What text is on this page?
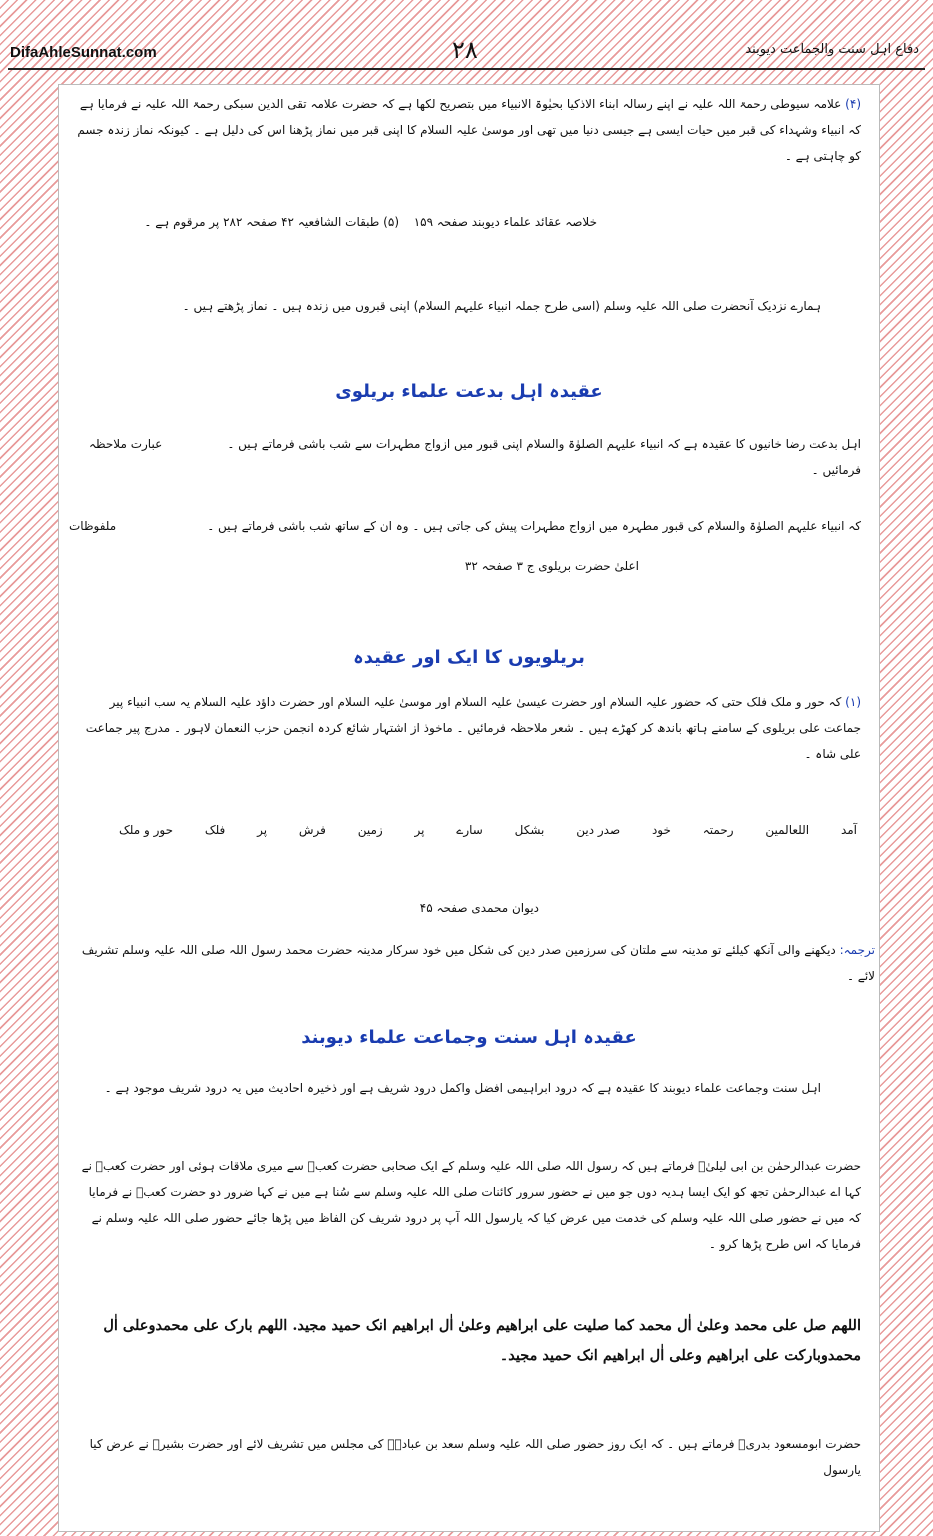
DifaAhleSunnat.com	۲۸	دفاع اہل سنت والجماعت دیوبند

(۴) علامہ سیوطی رحمۃ اللہ علیہ نے اپنے رسالہ ابناء الاذکیا بحیٰوۃ الانبیاء میں بتصریح لکھا ہے کہ حضرت علامہ تقی الدین سبکی رحمۃ اللہ علیہ نے فرمایا ہے کہ انبیاء وشہداء کی قبر میں حیات ایسی ہے جیسی دنیا میں تھی اور موسیٰ علیہ السلام کا اپنی قبر میں نماز پڑھنا اس کی دلیل ہے ۔ کیونکہ نماز زندہ جسم کو چاہتی ہے ۔

خلاصہ عقائد علماء دیوبند صفحہ ۱۵۹
(۵) طبقات الشافعیہ ۴۲ صفحہ ۲۸۲ پر مرقوم ہے ۔
ہمارے نزدیک آنحضرت صلی اللہ علیہ وسلم (اسی طرح جملہ انبیاء علیہم السلام) اپنی قبروں میں زندہ ہیں ۔ نماز پڑھتے ہیں ۔
عقیدہ اہل بدعت علماء بریلوی
عبارت ملاحظہ	اہل بدعت رضا خانیوں کا عقیدہ ہے کہ انبیاء علیہم الصلوٰۃ والسلام اپنی قبور میں ازواج مطہرات سے شب باشی فرماتے ہیں ۔

فرمائیں ۔

ملفوظات	کہ انبیاء علیہم الصلوٰۃ والسلام کی قبور مطہرہ میں ازواج مطہرات پیش کی جاتی ہیں ۔ وہ ان کے ساتھ شب باشی فرماتے ہیں ۔
اعلیٰ حضرت بریلوی ج ۳ صفحہ ۳۲
بریلویوں کا ایک اور عقیدہ

(۱) کہ حور و ملک فلک حتی کہ حضور علیہ السلام اور حضرت عیسیٰ علیہ السلام اور موسیٰ علیہ السلام اور حضرت داؤد علیہ السلام یہ سب انبیاء پیر جماعت علی بریلوی کے سامنے ہاتھ باندھ کر کھڑے ہیں ۔ شعر ملاحظہ فرمائیں ۔ ماخوذ از اشتہار شائع کردہ انجمن حزب النعمان لاہور ۔ مدرج پیر جماعت علی شاہ ۔

حور و ملک	فلک	پر	فرش	زمین	پر	سارے	بشکل	صدر دین	خود	رحمتہ	اللعالمین	آمد
دیوان محمدی صفحہ ۴۵
ترجمہ: دیکھنے والی آنکھ کیلئے تو مدینہ سے ملتان کی سرزمین صدر دین کی شکل میں خود سرکار مدینہ حضرت محمد رسول اللہ صلی اللہ علیہ وسلم تشریف لائے ۔
عقیدہ اہل سنت وجماعت علماء دیوبند
اہل سنت وجماعت علماء دیوبند کا عقیدہ ہے کہ درود ابراہیمی افضل واکمل درود شریف ہے اور ذخیرہ احادیث میں یہ درود شریف موجود ہے ۔
حضرت عبدالرحمٰن بن ابی لیلیٰؓ فرماتے ہیں کہ رسول اللہ صلی اللہ علیہ وسلم کے ایک صحابی حضرت کعبؓ سے میری ملاقات ہوئی اور حضرت کعبؓ نے کہا اے عبدالرحمٰن تجھ کو ایک ایسا ہدیہ دوں جو میں نے حضور سرور کائنات صلی اللہ علیہ وسلم سے سُنا ہے میں نے کہا ضرور دو حضرت کعبؓ نے فرمایا کہ میں نے حضور صلی اللہ علیہ وسلم کی خدمت میں عرض کیا کہ یارسول اللہ آپ پر درود شریف کن الفاظ میں پڑھا جائے حضور صلی اللہ علیہ وسلم نے فرمایا کہ اس طرح پڑھا کرو ۔
اللھم صل علی محمد وعلیٰ اٰل محمد کما صلیت علی ابراھیم وعلیٰ اٰل ابراھیم انک حمید مجید. اللھم بارک علی محمدوعلی اٰل محمدوبارکت علی ابراھیم وعلی اٰل ابراھیم انک حمید مجید۔
حضرت ابومسعود بدریؓ فرماتے ہیں ۔ کہ ایک روز حضور صلی اللہ علیہ وسلم سعد بن عبادہؓ کی مجلس میں تشریف لائے اور حضرت بشیرؓ نے عرض کیا یارسول
